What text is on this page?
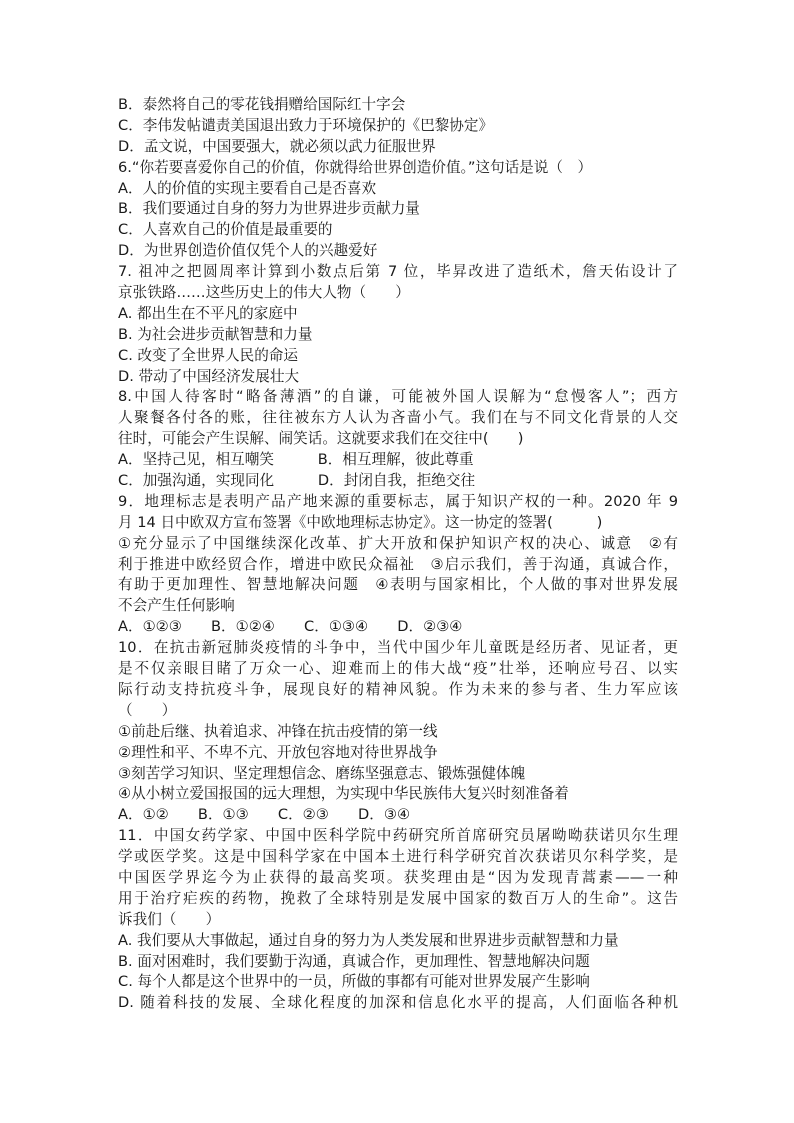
B．泰然将自己的零花钱捐赠给国际红十字会
C．李伟发帖谴责美国退出致力于环境保护的《巴黎协定》
D．孟文说，中国要强大，就必须以武力征服世界
6.“你若要喜爱你自己的价值，你就得给世界创造价值。”这句话是说（　）
A．人的价值的实现主要看自己是否喜欢
B．我们要通过自身的努力为世界进步贡献力量
C．人喜欢自己的价值是最重要的
D．为世界创造价值仅凭个人的兴趣爱好
7. 祖冲之把圆周率计算到小数点后第 7 位，毕昇改进了造纸术，詹天佑设计了
京张铁路……这些历史上的伟大人物（　　）
A. 都出生在不平凡的家庭中
B. 为社会进步贡献智慧和力量
C. 改变了全世界人民的命运
D. 带动了中国经济发展壮大
8.中国人待客时“略备薄酒”的自谦，可能被外国人误解为“怠慢客人”；西方
人聚餐各付各的账，往往被东方人认为吝啬小气。我们在与不同文化背景的人交
往时，可能会产生误解、闹笑话。这就要求我们在交往中(　　)
A．坚持己见，相互嘲笑　　　B．相互理解，彼此尊重
C．加强沟通，实现同化　　　D．封闭自我，拒绝交往
9．地理标志是表明产品产地来源的重要标志，属于知识产权的一种。2020 年 9
月 14 日中欧双方宣布签署《中欧地理标志协定》。这一协定的签署(　　　)
①充分显示了中国继续深化改革、扩大开放和保护知识产权的决心、诚意　②有
利于推进中欧经贸合作，增进中欧民众福祉　③启示我们，善于沟通，真诚合作，
有助于更加理性、智慧地解决问题　④表明与国家相比，个人做的事对世界发展
不会产生任何影响
A．①②③　　B．①②④　　C．①③④　　D．②③④
10．在抗击新冠肺炎疫情的斗争中，当代中国少年儿童既是经历者、见证者，更
是不仅亲眼目睹了万众一心、迎难而上的伟大战“疫”壮举，还响应号召、以实
际行动支持抗疫斗争，展现良好的精神风貌。作为未来的参与者、生力军应该
（　　）
①前赴后继、执着追求、冲锋在抗击疫情的第一线
②理性和平、不卑不亢、开放包容地对待世界战争
③刻苦学习知识、坚定理想信念、磨练坚强意志、锻炼强健体魄
④从小树立爱国报国的远大理想，为实现中华民族伟大复兴时刻准备着
A．①②　　B．①③　　C．②③　　D．③④
11．中国女药学家、中国中医科学院中药研究所首席研究员屠呦呦获诺贝尔生理
学或医学奖。这是中国科学家在中国本土进行科学研究首次获诺贝尔科学奖，是
中国医学界迄今为止获得的最高奖项。获奖理由是“因为发现青蒿素——一种
用于治疗疟疾的药物，挽救了全球特别是发展中国家的数百万人的生命”。这告
诉我们（　　）
A. 我们要从大事做起，通过自身的努力为人类发展和世界进步贡献智慧和力量
B. 面对困难时，我们要勤于沟通，真诚合作，更加理性、智慧地解决问题
C. 每个人都是这个世界中的一员，所做的事都有可能对世界发展产生影响
D. 随着科技的发展、全球化程度的加深和信息化水平的提高，人们面临各种机
